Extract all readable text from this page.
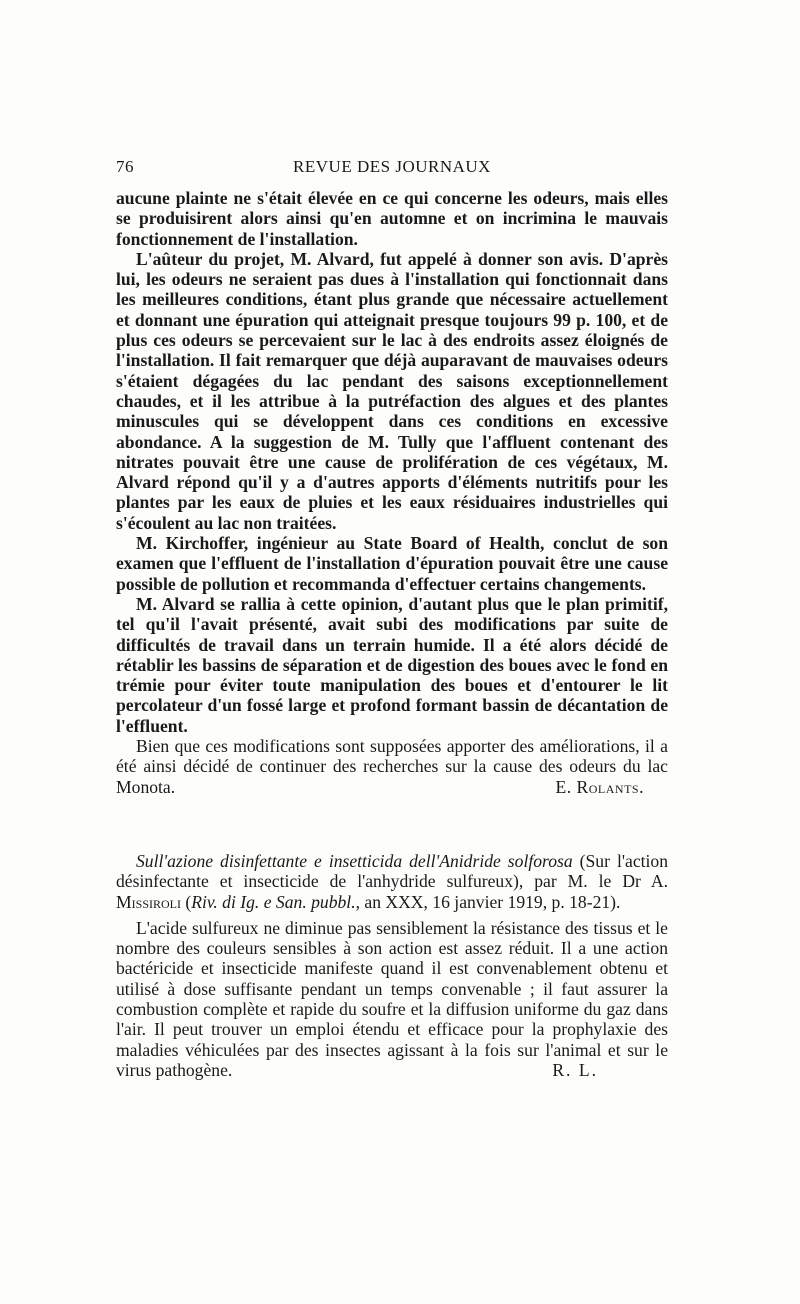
76	REVUE DES JOURNAUX

aucune plainte ne s'était élevée en ce qui concerne les odeurs, mais elles se produisirent alors ainsi qu'en automne et on incrimina le mauvais fonctionnement de l'installation.

L'aûteur du projet, M. Alvard, fut appelé à donner son avis. D'après lui, les odeurs ne seraient pas dues à l'installation qui fonctionnait dans les meilleures conditions, étant plus grande que nécessaire actuellement et donnant une épuration qui atteignait presque toujours 99 p. 100, et de plus ces odeurs se percevaient sur le lac à des endroits assez éloignés de l'installation. Il fait remarquer que déjà auparavant de mauvaises odeurs s'étaient dégagées du lac pendant des saisons exceptionnellement chaudes, et il les attribue à la putréfaction des algues et des plantes minuscules qui se développent dans ces conditions en excessive abondance. A la suggestion de M. Tully que l'affluent contenant des nitrates pouvait être une cause de prolifération de ces végétaux, M. Alvard répond qu'il y a d'autres apports d'éléments nutritifs pour les plantes par les eaux de pluies et les eaux résiduaires industrielles qui s'écoulent au lac non traitées.

M. Kirchoffer, ingénieur au State Board of Health, conclut de son examen que l'effluent de l'installation d'épuration pouvait être une cause possible de pollution et recommanda d'effectuer certains changements.

M. Alvard se rallia à cette opinion, d'autant plus que le plan primitif, tel qu'il l'avait présenté, avait subi des modifications par suite de difficultés de travail dans un terrain humide. Il a été alors décidé de rétablir les bassins de séparation et de digestion des boues avec le fond en trémie pour éviter toute manipulation des boues et d'entourer le lit percolateur d'un fossé large et profond formant bassin de décantation de l'effluent.

Bien que ces modifications sont supposées apporter des améliorations, il a été ainsi décidé de continuer des recherches sur la cause des odeurs du lac Monota.	E. Rolants.

Sull'azione disinfettante e insetticida dell'Anidride solforosa (Sur l'action désinfectante et insecticide de l'anhydride sulfureux), par M. le Dr A. Missiroli (Riv. di Ig. e San. pubbl., an XXX, 16 janvier 1919, p. 18-21).

L'acide sulfureux ne diminue pas sensiblement la résistance des tissus et le nombre des couleurs sensibles à son action est assez réduit. Il a une action bactéricide et insecticide manifeste quand il est convenablement obtenu et utilisé à dose suffisante pendant un temps convenable ; il faut assurer la combustion complète et rapide du soufre et la diffusion uniforme du gaz dans l'air. Il peut trouver un emploi étendu et efficace pour la prophylaxie des maladies véhiculées par des insectes agissant à la fois sur l'animal et sur le virus pathogène.	R. L.
